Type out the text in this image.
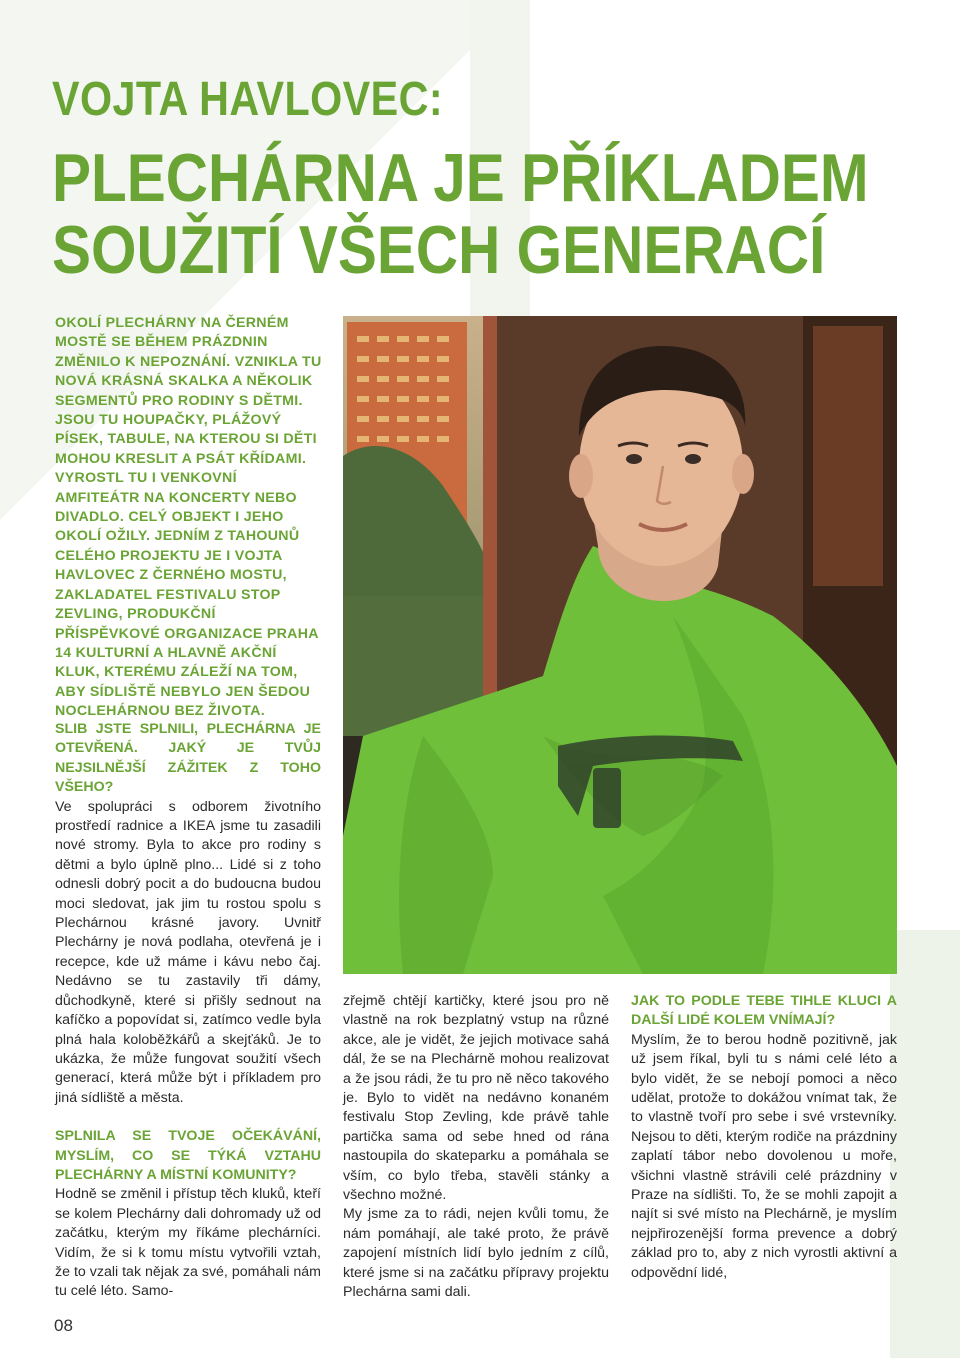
VOJTA HAVLOVEC:
PLECHÁRNA JE PŘÍKLADEM
SOUŽITÍ VŠECH GENERACÍ

OKOLÍ PLECHÁRNY NA ČERNÉM MOSTĚ SE BĚHEM PRÁZDNIN ZMĚNILO K NEPOZNÁNÍ. VZNIKLA TU NOVÁ KRÁSNÁ SKALKA A NĚKOLIK SEGMENTŮ PRO RODINY S DĚTMI. JSOU TU HOUPAČKY, PLÁŽOVÝ PÍSEK, TABULE, NA KTEROU SI DĚTI MOHOU KRESLIT A PSÁT KŘÍDAMI. VYROSTL TU I VENKOVNÍ AMFITEÁTR NA KONCERTY NEBO DIVADLO. CELÝ OBJEKT I JEHO OKOLÍ OŽILY. JEDNÍM Z TAHOUNŮ CELÉHO PROJEKTU JE I VOJTA HAVLOVEC Z ČERNÉHO MOSTU, ZAKLADATEL FESTIVALU STOP ZEVLING, PRODUKČNÍ PŘÍSPĚVKOVÉ ORGANIZACE PRAHA 14 KULTURNÍ A HLAVNĚ AKČNÍ KLUK, KTERÉMU ZÁLEŽÍ NA TOM, ABY SÍDLIŠTĚ NEBYLO JEN ŠEDOU NOCLEHÁRNOU BEZ ŽIVOTA.

SLIB JSTE SPLNILI, PLECHÁRNA JE OTEVŘENÁ. JAKÝ JE TVŮJ NEJSILNĚJŠÍ ZÁŽITEK Z TOHO VŠEHO?
Ve spolupráci s odborem životního prostředí radnice a IKEA jsme tu zasadili nové stromy. Byla to akce pro rodiny s dětmi a bylo úplně plno... Lidé si z toho odnesli dobrý pocit a do budoucna budou moci sledovat, jak jim tu rostou spolu s Plechárnou krásné javory. Uvnitř Plechárny je nová podlaha, otevřená je i recepce, kde už máme i kávu nebo čaj. Nedávno se tu zastavily tři dámy, důchodkyně, které si přišly sednout na kafíčko a popovídat si, zatímco vedle byla plná hala koloběžkářů a skejťáků. Je to ukázka, že může fungovat soužití všech generací, která může být i příkladem pro jiná sídliště a města.
SPLNILA SE TVOJE OČEKÁVÁNÍ, MYSLÍM, CO SE TÝKÁ VZTAHU PLECHÁRNY A MÍSTNÍ KOMUNITY?
Hodně se změnil i přístup těch kluků, kteří se kolem Plechárny dali dohromady už od začátku, kterým my říkáme plechárníci. Vidím, že si k tomu místu vytvořili vztah, že to vzali tak nějak za své, pomáhali nám tu celé léto. Samo-
zřejmě chtějí kartičky, které jsou pro ně vlastně na rok bezplatný vstup na různé akce, ale je vidět, že jejich motivace sahá dál, že se na Plechárně mohou realizovat a že jsou rádi, že tu pro ně něco takového je. Bylo to vidět na nedávno konaném festivalu Stop Zevling, kde právě tahle partička sama od sebe hned od rána nastoupila do skateparku a pomáhala se vším, co bylo třeba, stavěli stánky a všechno možné.
My jsme za to rádi, nejen kvůli tomu, že nám pomáhají, ale také proto, že právě zapojení místních lidí bylo jedním z cílů, které jsme si na začátku přípravy projektu Plechárna sami dali.
JAK TO PODLE TEBE TIHLE KLUCI A DALŠÍ LIDÉ KOLEM VNÍMAJÍ?
Myslím, že to berou hodně pozitivně, jak už jsem říkal, byli tu s námi celé léto a bylo vidět, že se nebojí pomoci a něco udělat, protože to dokážou vnímat tak, že to vlastně tvoří pro sebe i své vrstevníky. Nejsou to děti, kterým rodiče na prázdniny zaplatí tábor nebo dovolenou u moře, všichni vlastně strávili celé prázdniny v Praze na sídlišti. To, že se mohli zapojit a najít si své místo na Plechárně, je myslím nejpřirozenější forma prevence a dobrý základ pro to, aby z nich vyrostli aktivní a odpovědní lidé,

08
